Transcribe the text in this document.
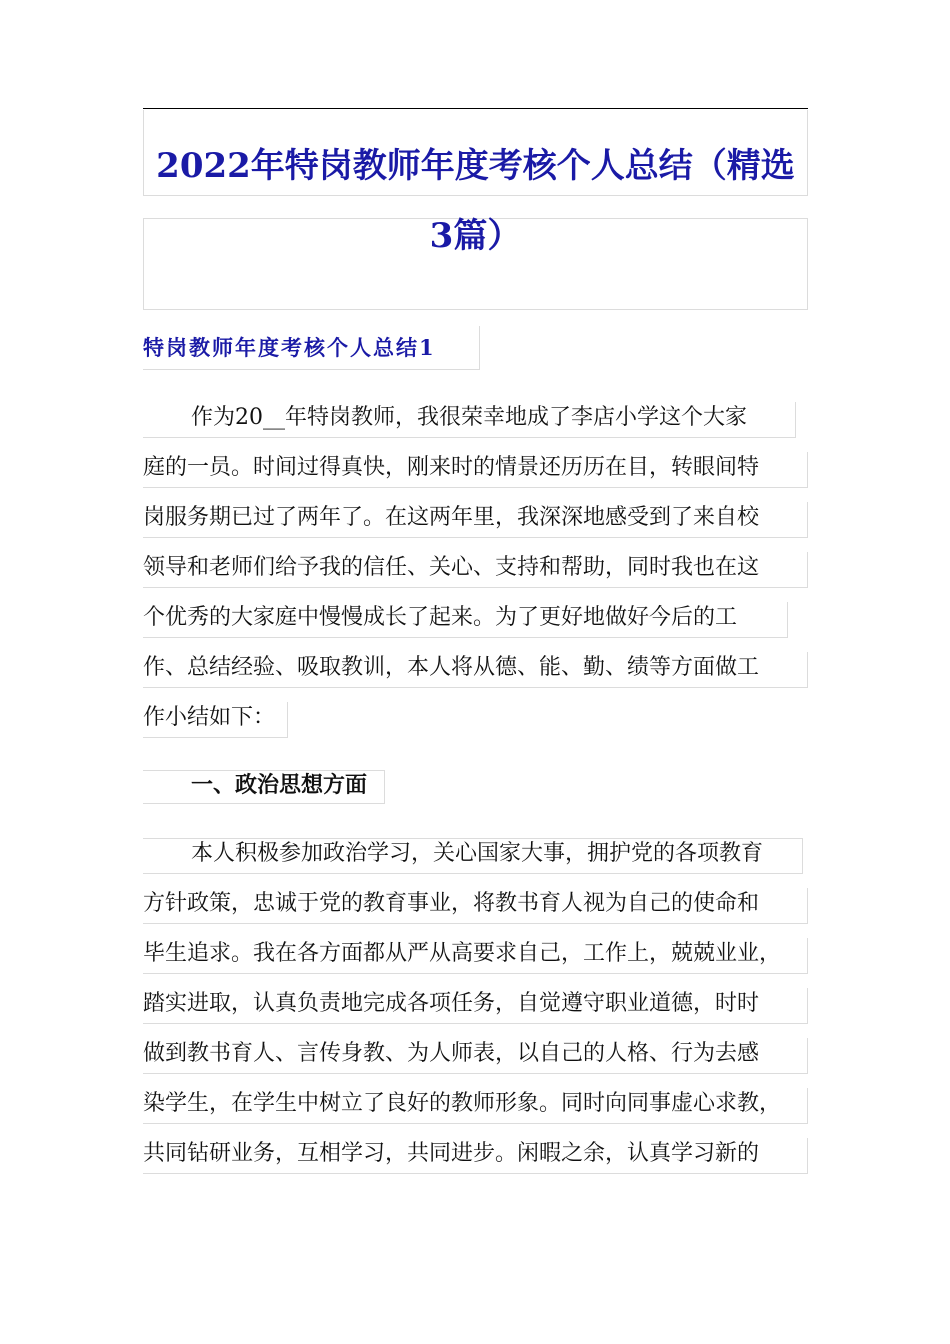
2022年特岗教师年度考核个人总结（精选
3篇）
特岗教师年度考核个人总结1
作为20__年特岗教师，我很荣幸地成了李店小学这个大家
庭的一员。时间过得真快，刚来时的情景还历历在目，转眼间特
岗服务期已过了两年了。在这两年里，我深深地感受到了来自校
领导和老师们给予我的信任、关心、支持和帮助，同时我也在这
个优秀的大家庭中慢慢成长了起来。为了更好地做好今后的工
作、总结经验、吸取教训，本人将从德、能、勤、绩等方面做工
作小结如下：
一、政治思想方面
本人积极参加政治学习，关心国家大事，拥护党的各项教育
方针政策，忠诚于党的教育事业，将教书育人视为自己的使命和
毕生追求。我在各方面都从严从高要求自己，工作上，兢兢业业，
踏实进取，认真负责地完成各项任务，自觉遵守职业道德，时时
做到教书育人、言传身教、为人师表，以自己的人格、行为去感
染学生，在学生中树立了良好的教师形象。同时向同事虚心求教，
共同钻研业务，互相学习，共同进步。闲暇之余，认真学习新的
